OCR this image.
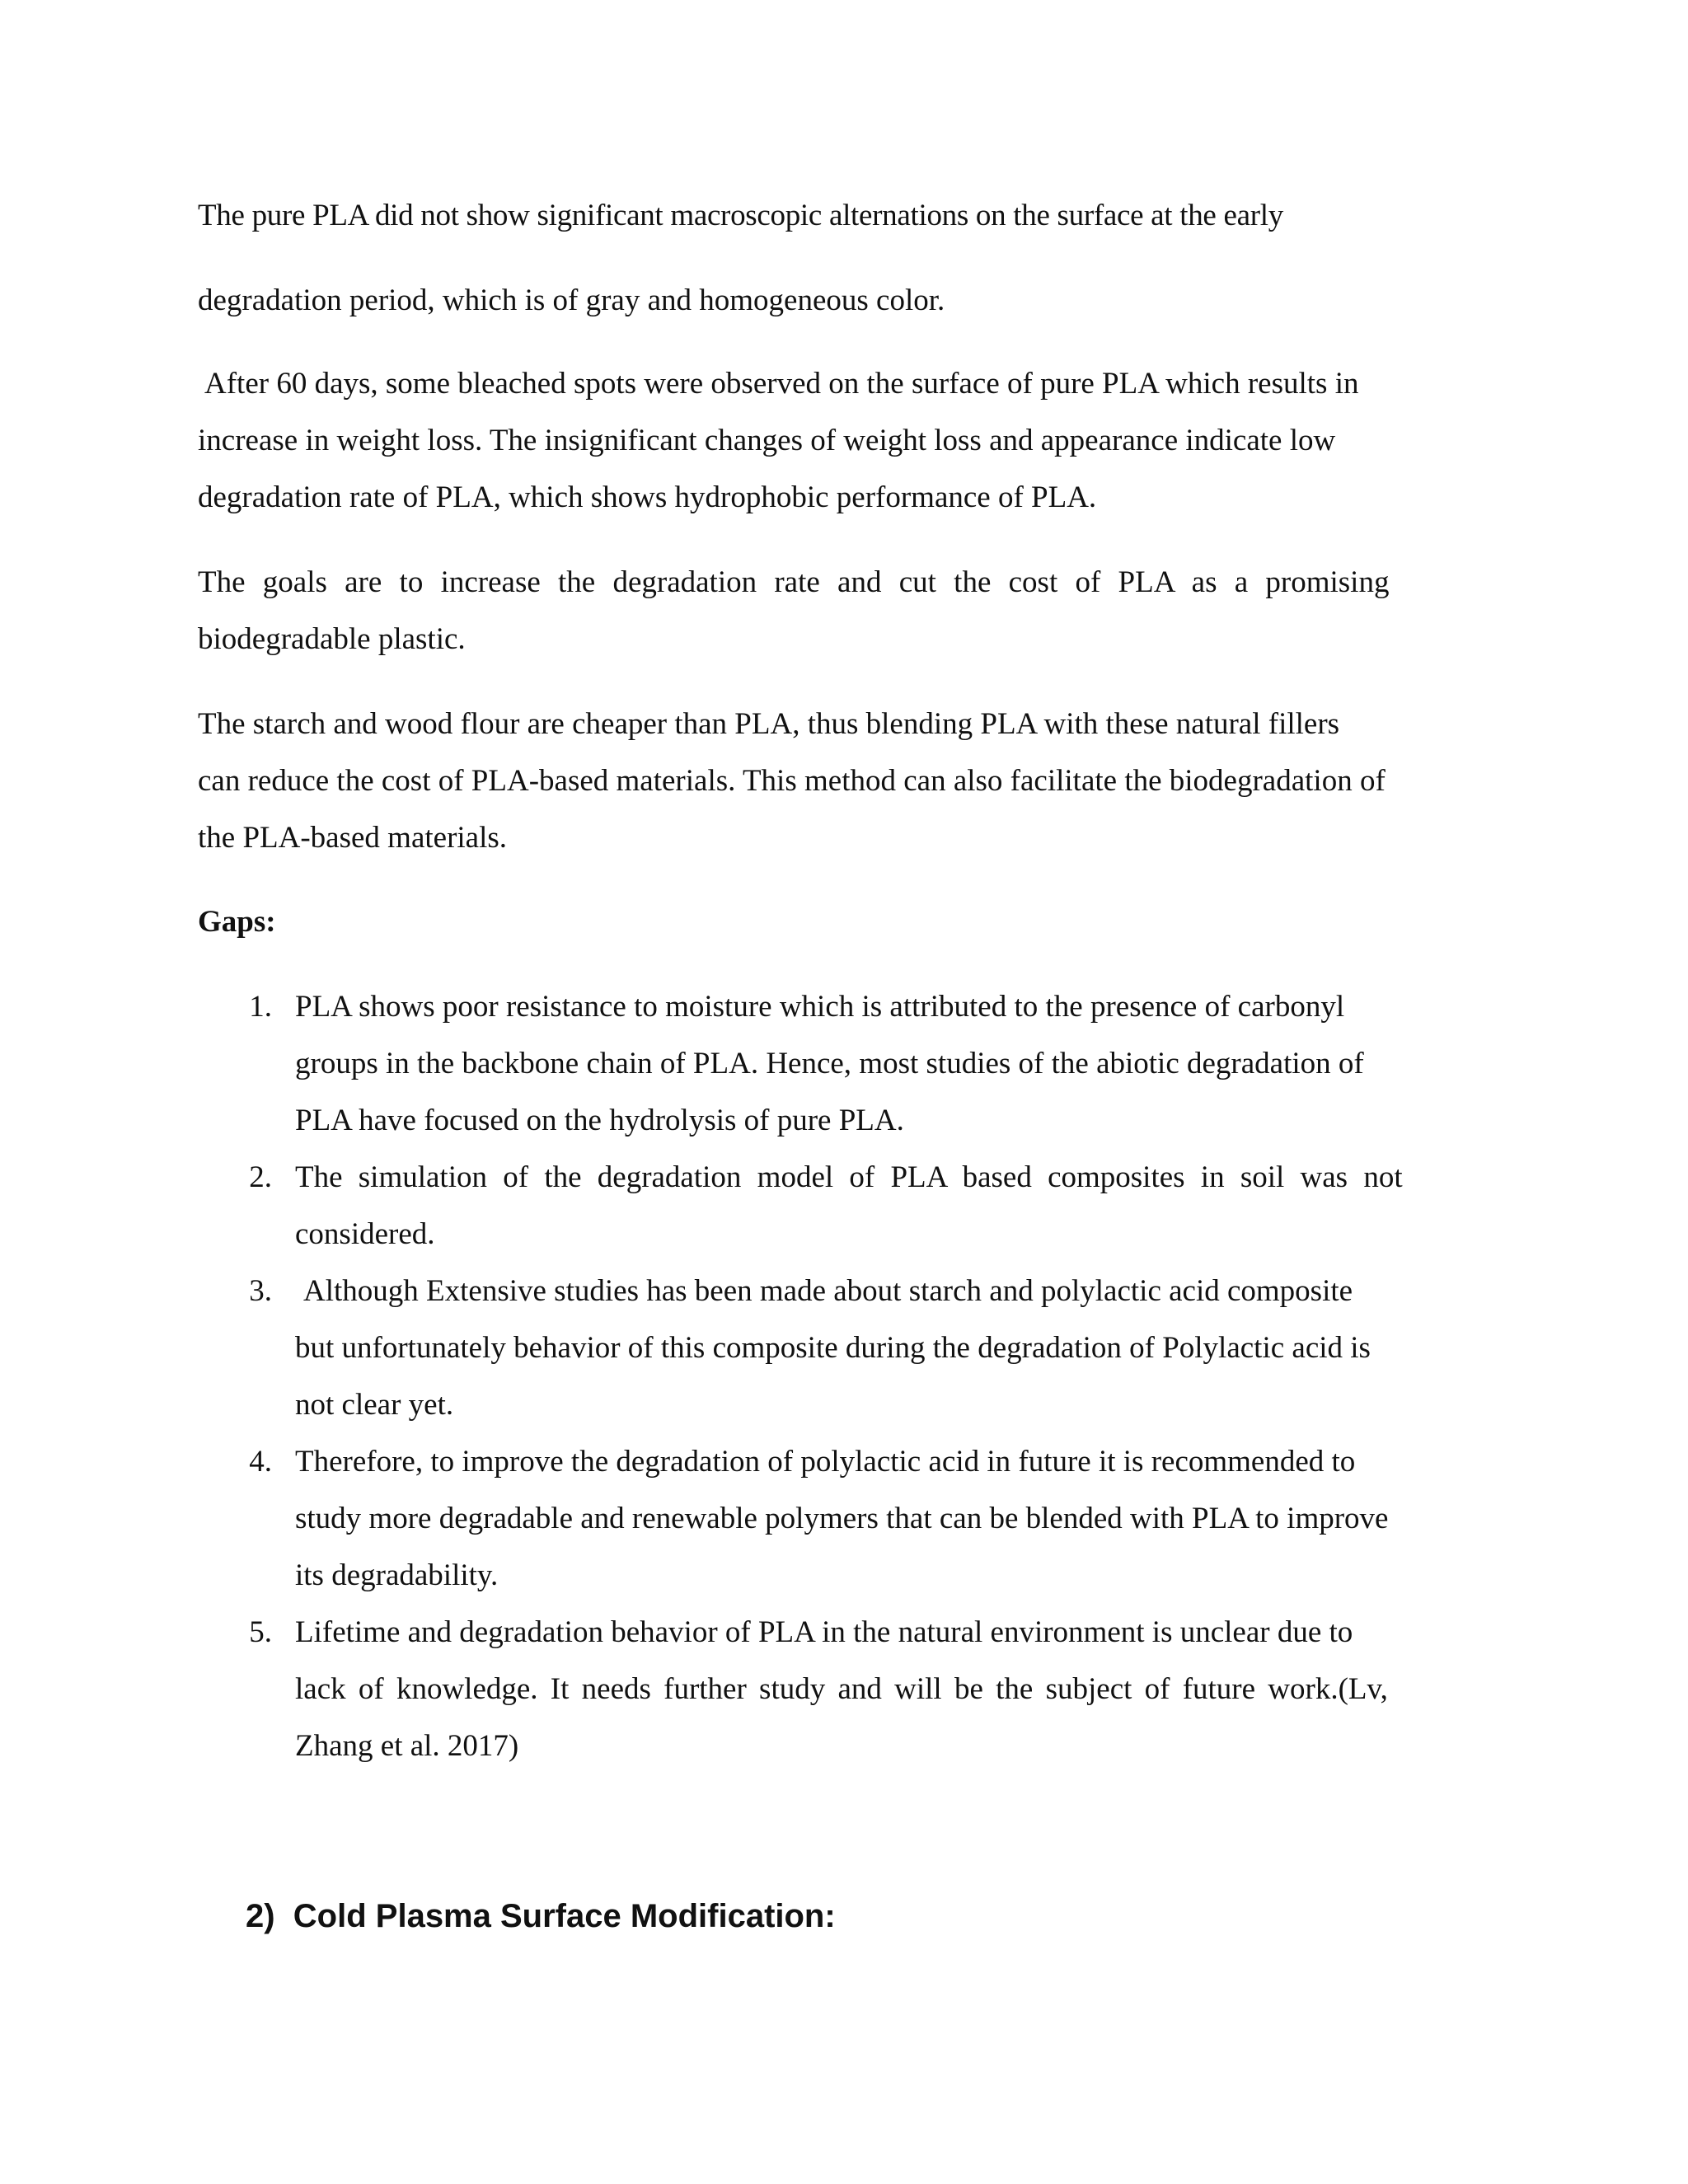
The pure PLA did not show significant macroscopic alternations on the surface at the early
degradation period, which is of gray and homogeneous color.
After 60 days, some bleached spots were observed on the surface of pure PLA which results in
increase in weight loss. The insignificant changes of weight loss and appearance indicate low
degradation rate of PLA, which shows hydrophobic performance of PLA.
The goals are to increase the degradation rate and cut the cost of PLA as a promising
biodegradable plastic.
The starch and wood flour are cheaper than PLA, thus blending PLA with these natural fillers
can reduce the cost of PLA-based materials. This method can also facilitate the biodegradation of
the PLA-based materials.
Gaps:
1. PLA shows poor resistance to moisture which is attributed to the presence of carbonyl
groups in the backbone chain of PLA. Hence, most studies of the abiotic degradation of
PLA have focused on the hydrolysis of pure PLA.
2. The simulation of the degradation model of PLA based composites in soil was not
considered.
3. Although Extensive studies has been made about starch and polylactic acid composite
but unfortunately behavior of this composite during the degradation of Polylactic acid is
not clear yet.
4. Therefore, to improve the degradation of polylactic acid in future it is recommended to
study more degradable and renewable polymers that can be blended with PLA to improve
its degradability.
5. Lifetime and degradation behavior of PLA in the natural environment is unclear due to
lack of knowledge. It needs further study and will be the subject of future work.(Lv,
Zhang et al. 2017)
2)  Cold Plasma Surface Modification:
